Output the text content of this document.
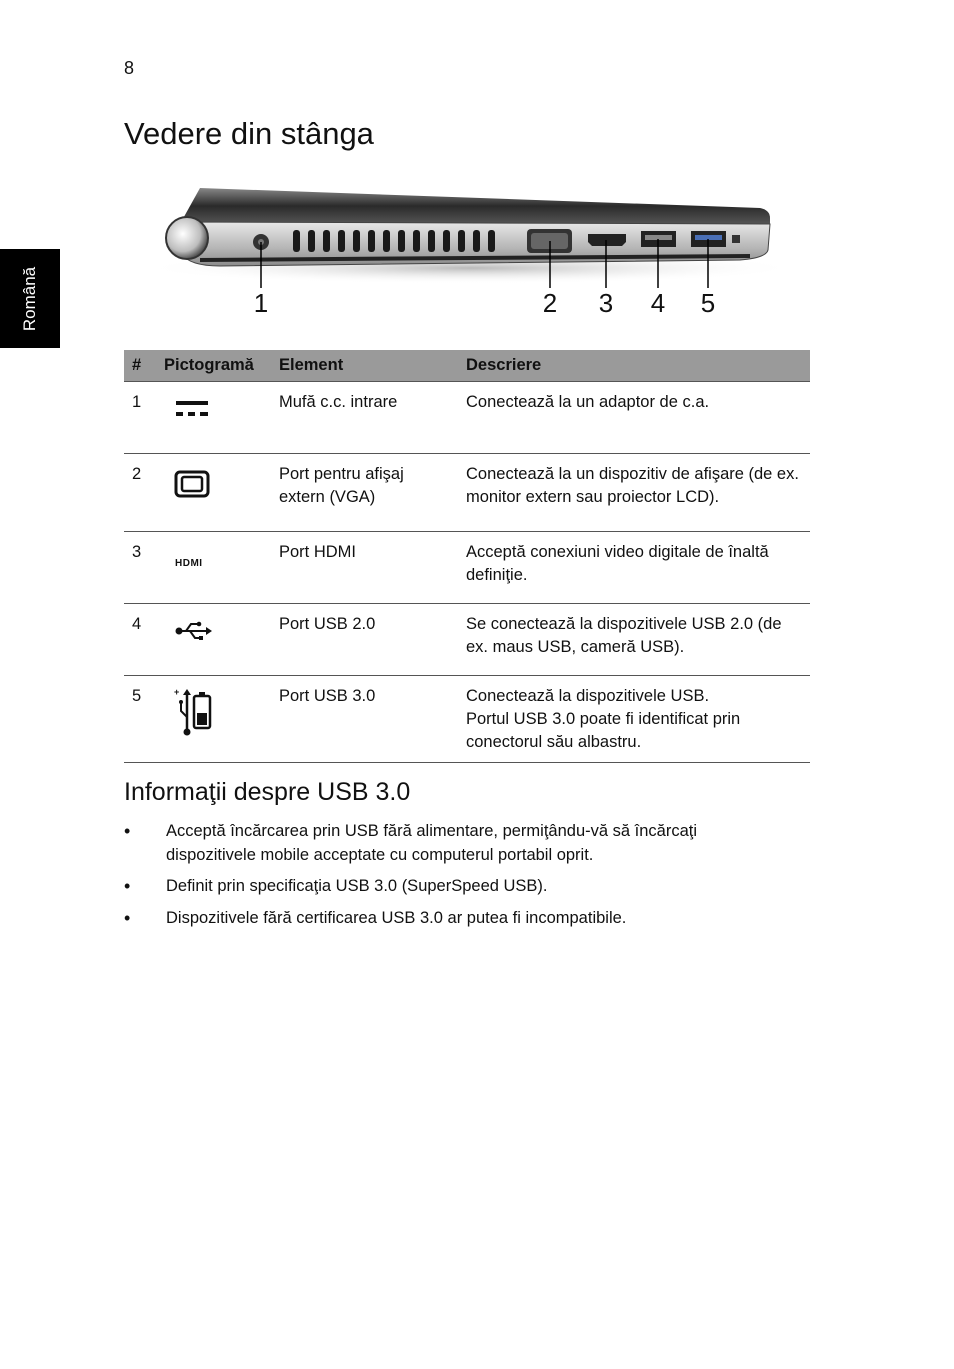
8
Română
Vedere din stânga
1	2 3 4 5
#	Pictogramă	Element	Descriere
1		Mufă c.c. intrare	Conectează la un adaptor de c.a.
2		Port pentru afişaj extern (VGA)	Conectează la un dispozitiv de afişare (de ex. monitor extern sau proiector LCD).
3	HDMI	Port HDMI	Acceptă conexiuni video digitale de înaltă definiţie.
4		Port USB 2.0	Se conectează la dispozitivele USB 2.0 (de ex. maus USB, cameră USB).
5	+	Port USB 3.0	Conectează la dispozitivele USB.
Portul USB 3.0 poate fi identificat prin conectorul său albastru.
Informaţii despre USB 3.0
• Acceptă încărcarea prin USB fără alimentare, permiţându-vă să încărcaţi dispozitivele mobile acceptate cu computerul portabil oprit.
• Definit prin specificaţia USB 3.0 (SuperSpeed USB).
• Dispozitivele fără certificarea USB 3.0 ar putea fi incompatibile.
